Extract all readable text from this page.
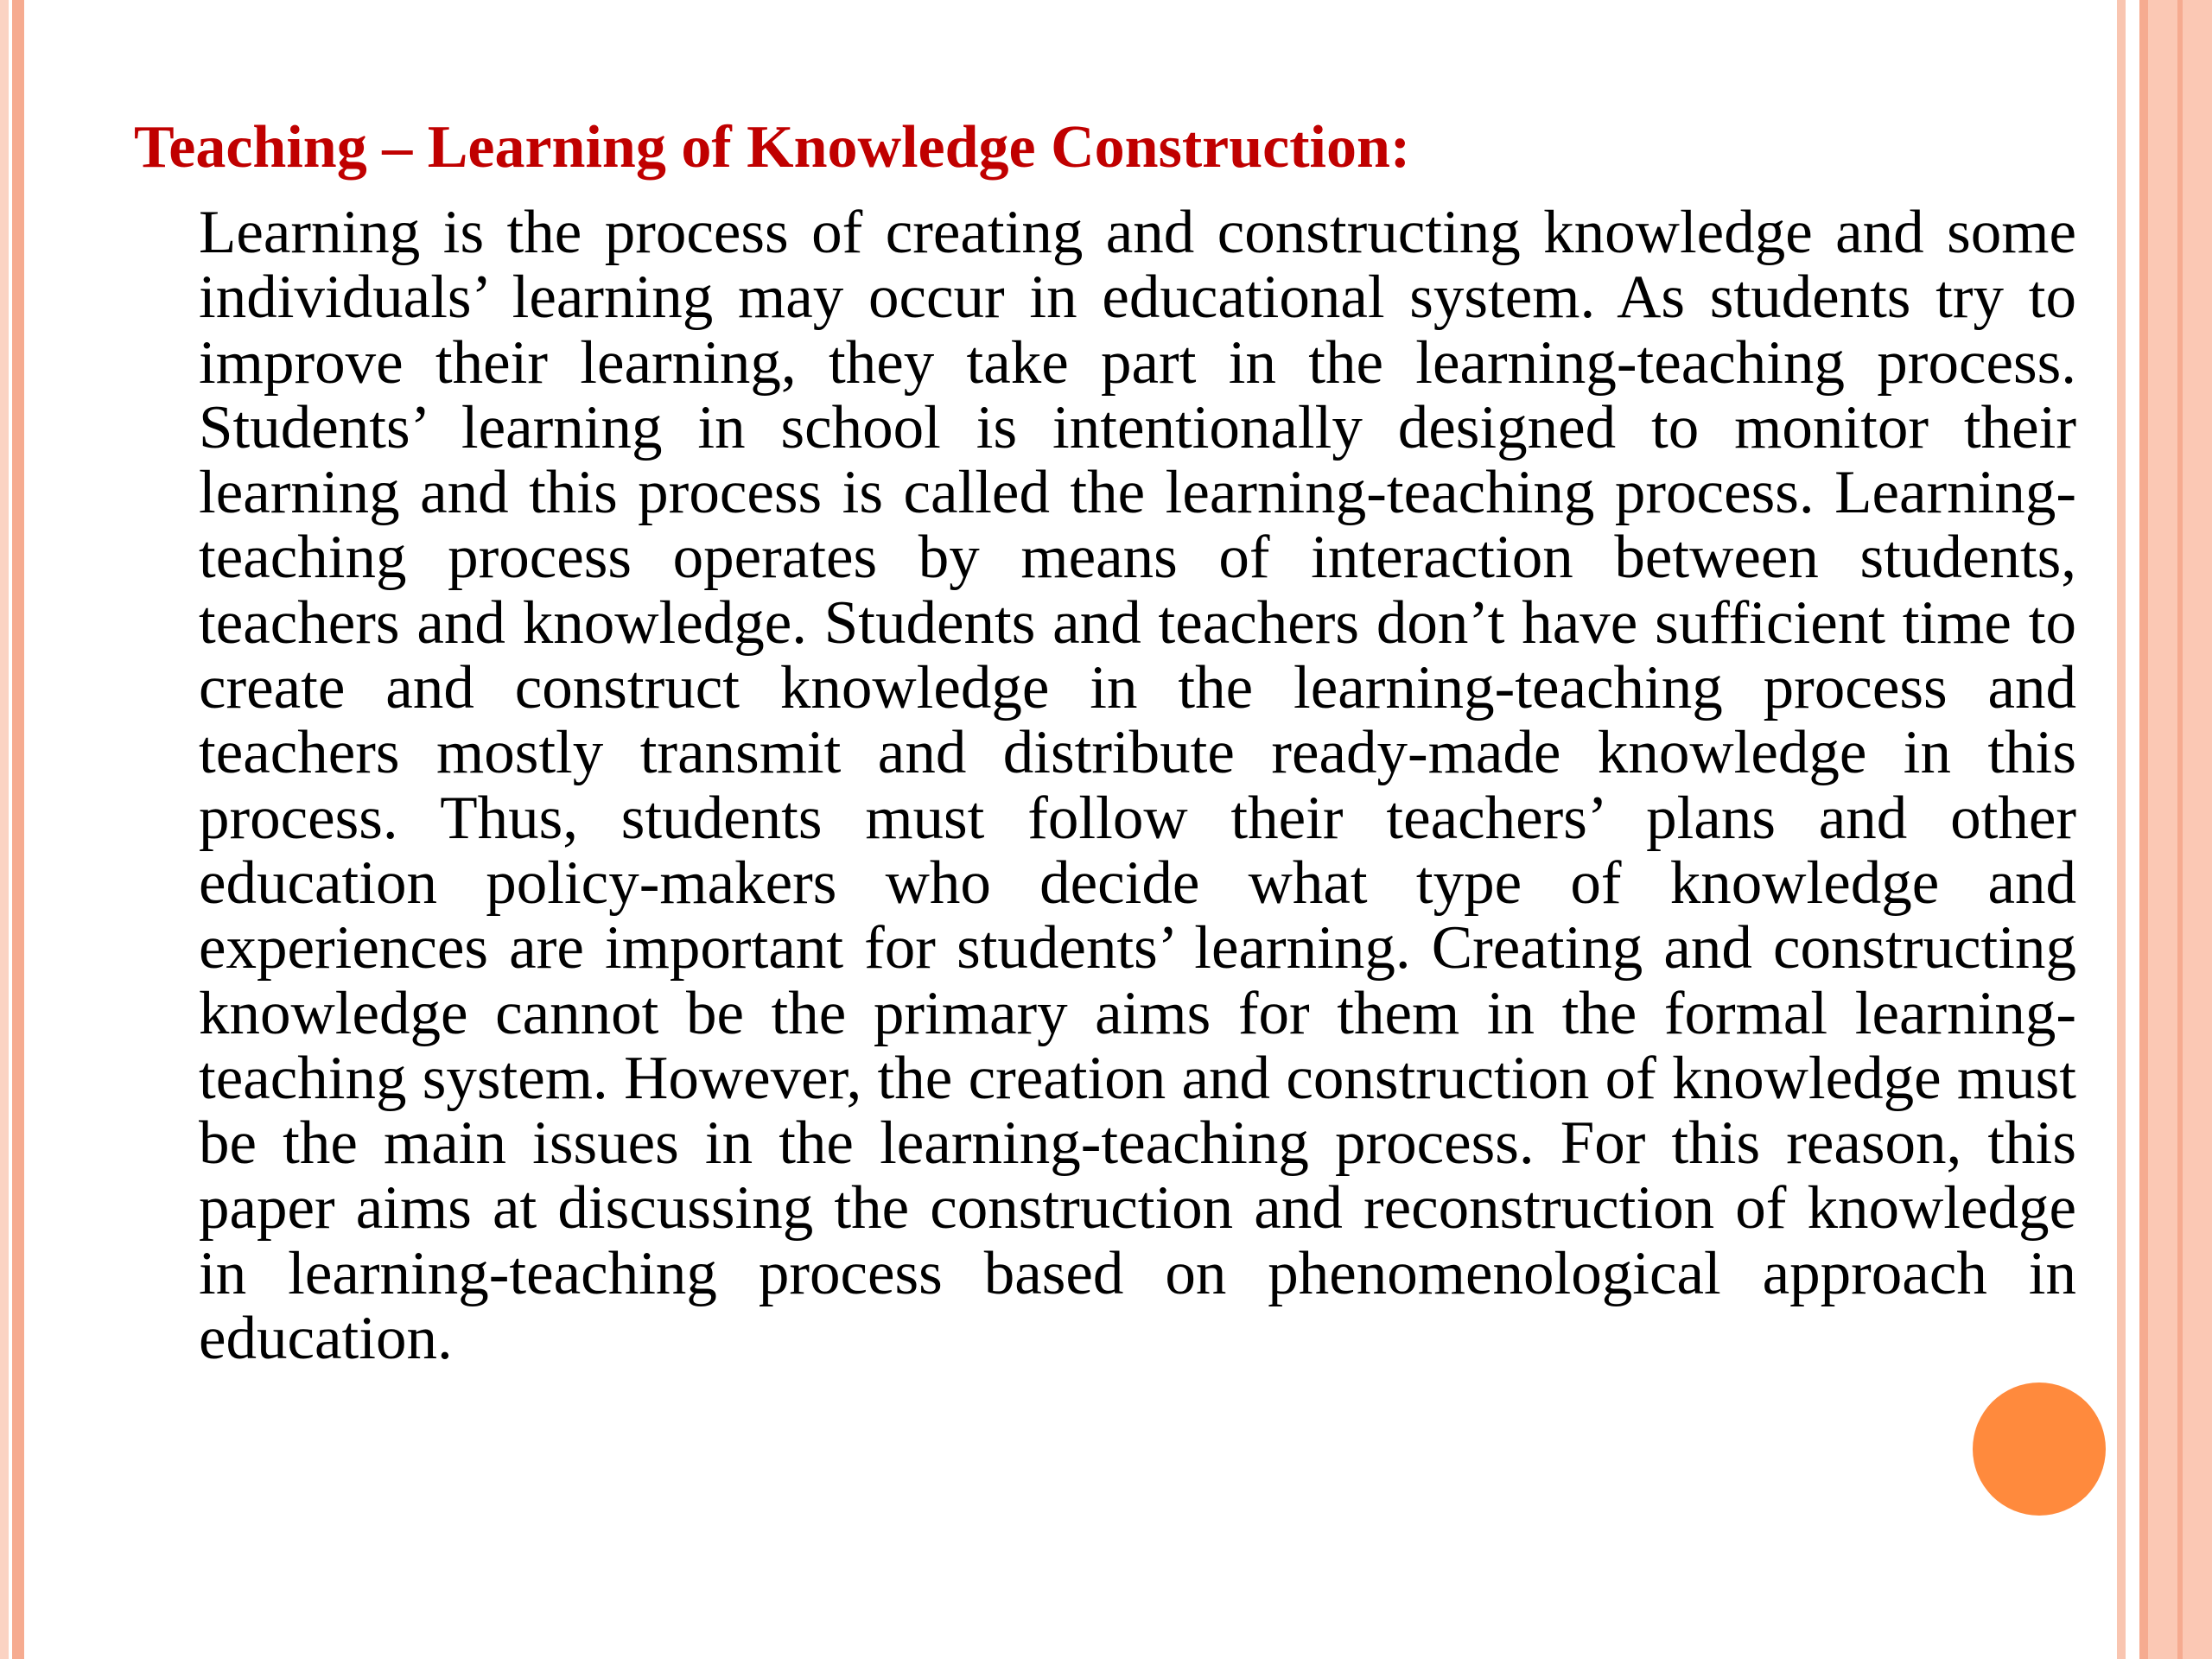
Teaching – Learning of Knowledge Construction:

Learning is the process of creating and constructing knowledge and some individuals’ learning may occur in educational system. As students try to improve their learning, they take part in the learning-teaching process. Students’ learning in school is intentionally designed to monitor their learning and this process is called the learning-teaching process. Learning-teaching process operates by means of interaction between students, teachers and knowledge. Students and teachers don’t have sufficient time to create and construct knowledge in the learning-teaching process and teachers mostly transmit and distribute ready-made knowledge in this process. Thus, students must follow their teachers’ plans and other education policy-makers who decide what type of knowledge and experiences are important for students’ learning. Creating and constructing knowledge cannot be the primary aims for them in the formal learning-teaching system. However, the creation and construction of knowledge must be the main issues in the learning-teaching process. For this reason, this paper aims at discussing the construction and reconstruction of knowledge in learning-teaching process based on phenomenological approach in education.
